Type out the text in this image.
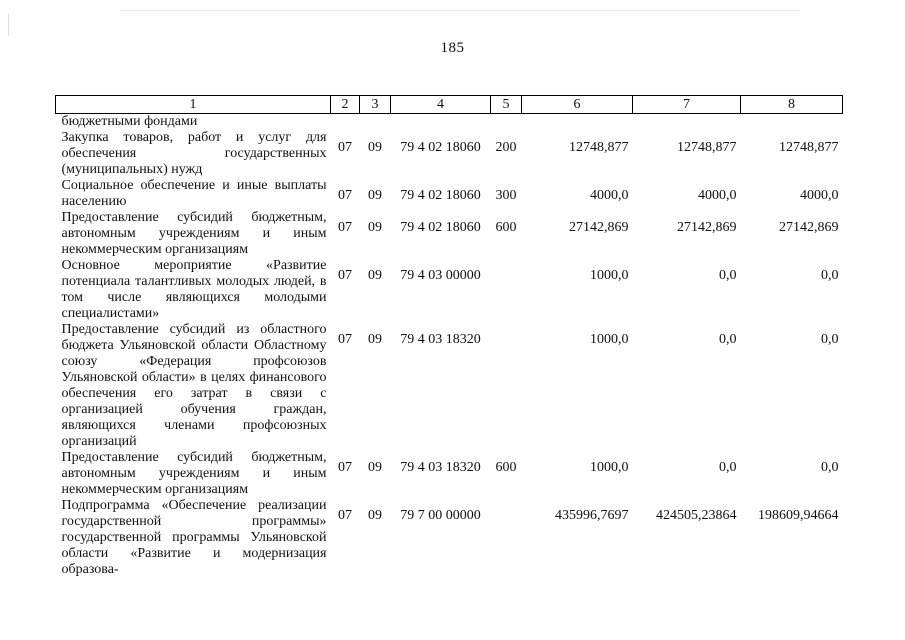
185
1	2	3	4	5	6	7	8
бюджетными фондами							
Закупка товаров, работ и услуг для обеспечения государственных (муниципальных) нужд	07	09	79 4 02 18060	200	12748,877	12748,877	12748,877
Социальное обеспечение и иные выплаты населению	07	09	79 4 02 18060	300	4000,0	4000,0	4000,0
Предоставление субсидий бюджетным, автономным учреждениям и иным некоммерческим организациям	07	09	79 4 02 18060	600	27142,869	27142,869	27142,869
Основное мероприятие «Развитие потенциала талантливых молодых людей, в том числе являющихся молодыми специалистами»	07	09	79 4 03 00000		1000,0	0,0	0,0
Предоставление субсидий из областного бюджета Ульяновской области Областному союзу «Федерация профсоюзов Ульяновской области» в целях финансового обеспечения его затрат в связи с организацией обучения граждан, являющихся членами профсоюзных организаций	07	09	79 4 03 18320		1000,0	0,0	0,0
Предоставление субсидий бюджетным, автономным учреждениям и иным некоммерческим организациям	07	09	79 4 03 18320	600	1000,0	0,0	0,0
Подпрограмма «Обеспечение реализации государственной программы» государственной программы Ульяновской области «Развитие и модернизация образова-	07	09	79 7 00 00000		435996,7697	424505,23864	198609,94664
